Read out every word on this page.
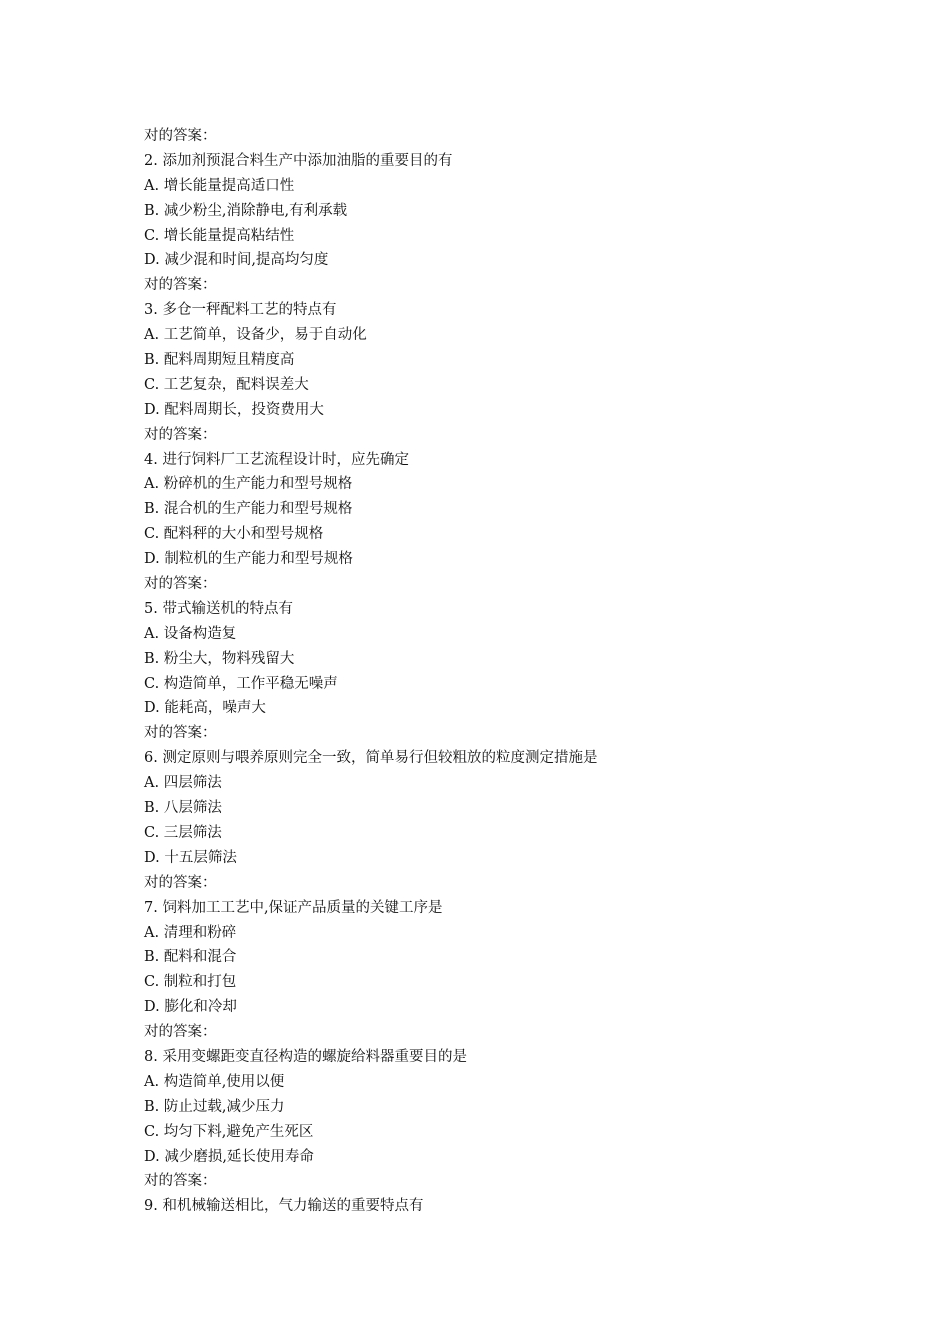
对的答案：
2. 添加剂预混合料生产中添加油脂的重要目的有
A. 增长能量提高适口性
B. 减少粉尘,消除静电,有利承载
C. 增长能量提高粘结性
D. 减少混和时间,提高均匀度
对的答案：
3. 多仓一秤配料工艺的特点有
A. 工艺简单，设备少，易于自动化
B. 配料周期短且精度高
C. 工艺复杂，配料误差大
D. 配料周期长，投资费用大
对的答案：
4. 进行饲料厂工艺流程设计时，应先确定
A. 粉碎机的生产能力和型号规格
B. 混合机的生产能力和型号规格
C. 配料秤的大小和型号规格
D. 制粒机的生产能力和型号规格
对的答案：
5. 带式输送机的特点有
A. 设备构造复
B. 粉尘大，物料残留大
C. 构造简单，工作平稳无噪声
D. 能耗高，噪声大
对的答案：
6. 测定原则与喂养原则完全一致，简单易行但较粗放的粒度测定措施是
A. 四层筛法
B. 八层筛法
C. 三层筛法
D. 十五层筛法
对的答案：
7. 饲料加工工艺中,保证产品质量的关键工序是
A. 清理和粉碎
B. 配料和混合
C. 制粒和打包
D. 膨化和冷却
对的答案：
8. 采用变螺距变直径构造的螺旋给料器重要目的是
A. 构造简单,使用以便
B. 防止过载,减少压力
C. 均匀下料,避免产生死区
D. 减少磨损,延长使用寿命
对的答案：
9. 和机械输送相比，气力输送的重要特点有
